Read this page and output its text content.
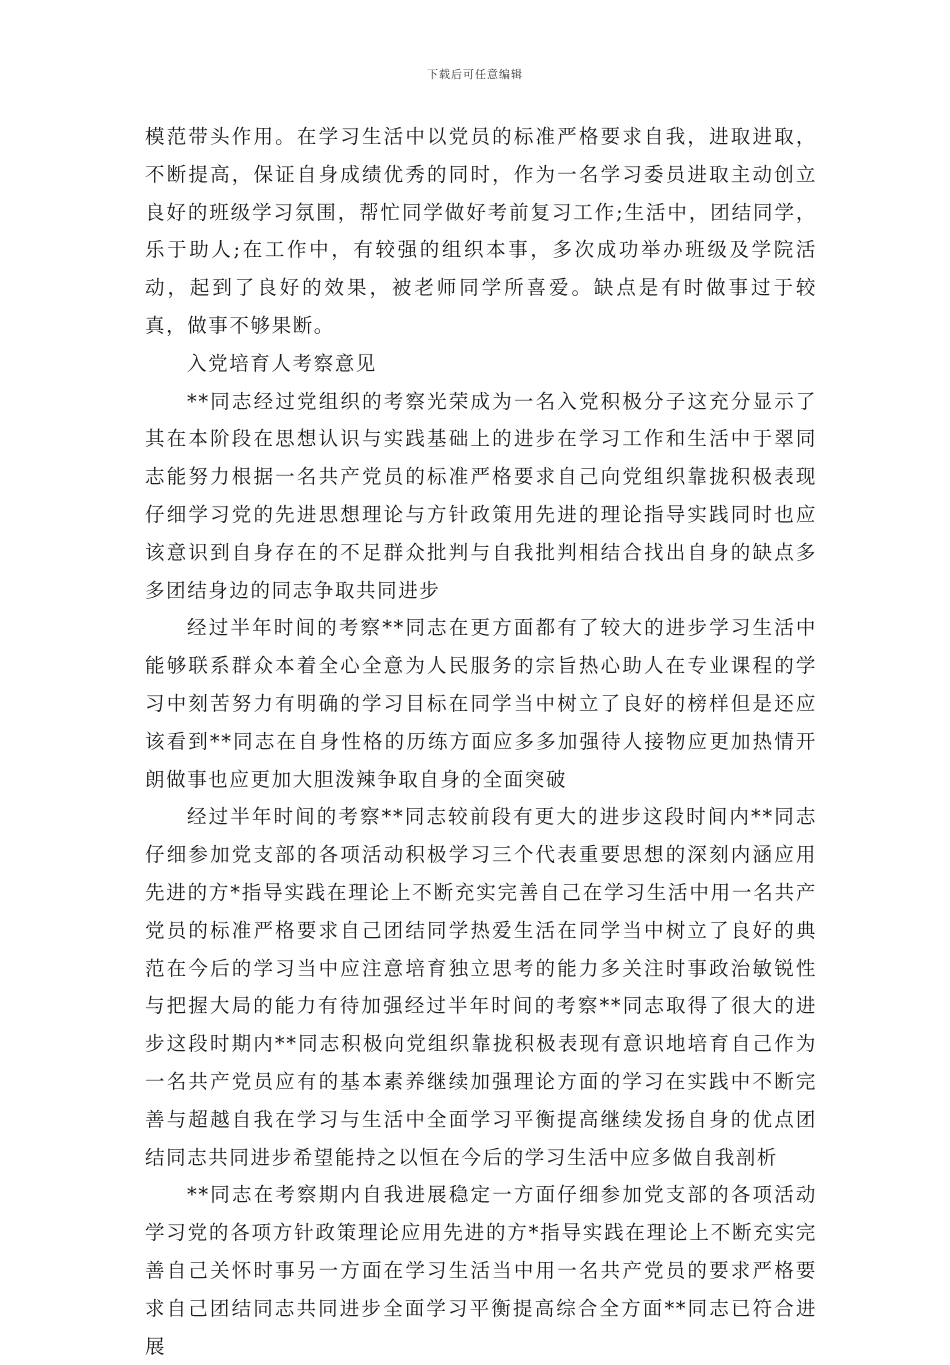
下载后可任意编辑

模范带头作用。在学习生活中以党员的标准严格要求自我，进取进取，不断提高，保证自身成绩优秀的同时，作为一名学习委员进取主动创立良好的班级学习氛围，帮忙同学做好考前复习工作;生活中，团结同学，乐于助人;在工作中，有较强的组织本事，多次成功举办班级及学院活动，起到了良好的效果，被老师同学所喜爱。缺点是有时做事过于较真，做事不够果断。

入党培育人考察意见

**同志经过党组织的考察光荣成为一名入党积极分子这充分显示了其在本阶段在思想认识与实践基础上的进步在学习工作和生活中于翠同志能努力根据一名共产党员的标准严格要求自己向党组织靠拢积极表现仔细学习党的先进思想理论与方针政策用先进的理论指导实践同时也应该意识到自身存在的不足群众批判与自我批判相结合找出自身的缺点多多团结身边的同志争取共同进步

经过半年时间的考察**同志在更方面都有了较大的进步学习生活中能够联系群众本着全心全意为人民服务的宗旨热心助人在专业课程的学习中刻苦努力有明确的学习目标在同学当中树立了良好的榜样但是还应该看到**同志在自身性格的历练方面应多多加强待人接物应更加热情开朗做事也应更加大胆泼辣争取自身的全面突破

经过半年时间的考察**同志较前段有更大的进步这段时间内**同志仔细参加党支部的各项活动积极学习三个代表重要思想的深刻内涵应用先进的方*指导实践在理论上不断充实完善自己在学习生活中用一名共产党员的标准严格要求自己团结同学热爱生活在同学当中树立了良好的典范在今后的学习当中应注意培育独立思考的能力多关注时事政治敏锐性与把握大局的能力有待加强经过半年时间的考察**同志取得了很大的进步这段时期内**同志积极向党组织靠拢积极表现有意识地培育自己作为一名共产党员应有的基本素养继续加强理论方面的学习在实践中不断完善与超越自我在学习与生活中全面学习平衡提高继续发扬自身的优点团结同志共同进步希望能持之以恒在今后的学习生活中应多做自我剖析

**同志在考察期内自我进展稳定一方面仔细参加党支部的各项活动学习党的各项方针政策理论应用先进的方*指导实践在理论上不断充实完善自己关怀时事另一方面在学习生活当中用一名共产党员的要求严格要求自己团结同志共同进步全面学习平衡提高综合全方面**同志已符合进展
